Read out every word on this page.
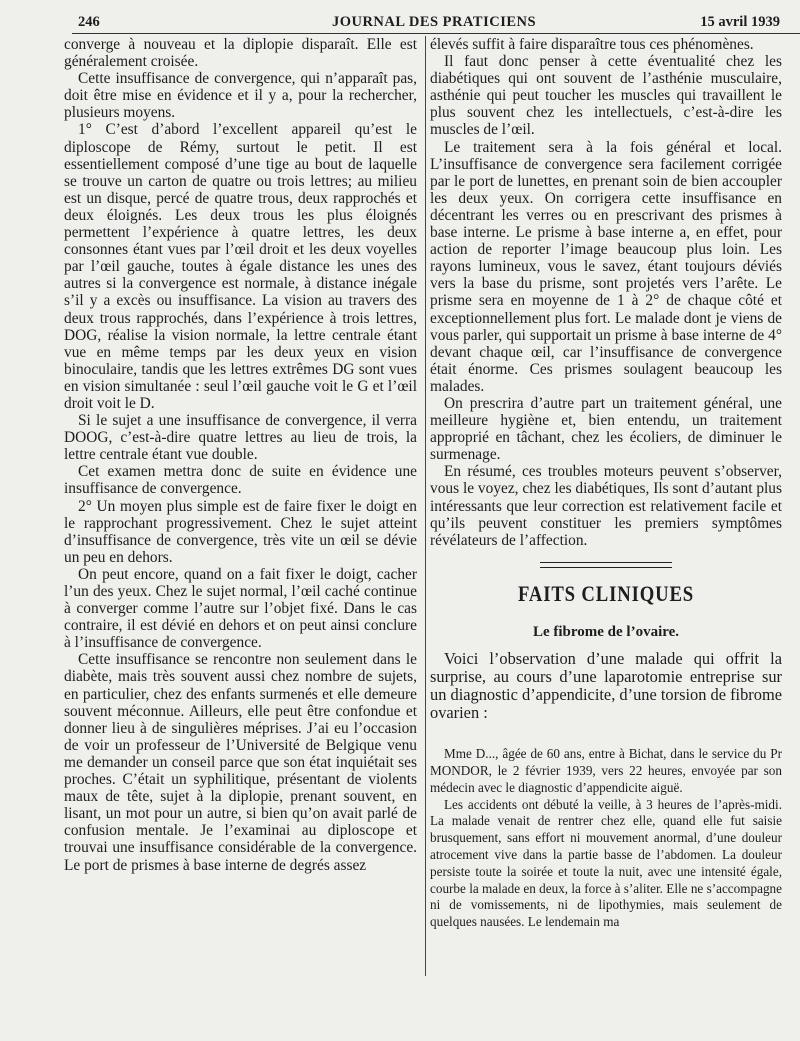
246	JOURNAL DES PRATICIENS	15 avril 1939

converge à nouveau et la diplopie disparaît. Elle est généralement croisée.

Cette insuffisance de convergence, qui n’apparaît pas, doit être mise en évidence et il y a, pour la rechercher, plusieurs moyens.

1° C’est d’abord l’excellent appareil qu’est le diploscope de Rémy, surtout le petit. Il est essentiellement composé d’une tige au bout de laquelle se trouve un carton de quatre ou trois lettres; au milieu est un disque, percé de quatre trous, deux rapprochés et deux éloignés. Les deux trous les plus éloignés permettent l’expérience à quatre lettres, les deux consonnes étant vues par l’œil droit et les deux voyelles par l’œil gauche, toutes à égale distance les unes des autres si la convergence est normale, à distance inégale s’il y a excès ou insuffisance. La vision au travers des deux trous rapprochés, dans l’expérience à trois lettres, DOG, réalise la vision normale, la lettre centrale étant vue en même temps par les deux yeux en vision binoculaire, tandis que les lettres extrêmes DG sont vues en vision simultanée : seul l’œil gauche voit le G et l’œil droit voit le D.

Si le sujet a une insuffisance de convergence, il verra DOOG, c’est-à-dire quatre lettres au lieu de trois, la lettre centrale étant vue double.

Cet examen mettra donc de suite en évidence une insuffisance de convergence.

2° Un moyen plus simple est de faire fixer le doigt en le rapprochant progressivement. Chez le sujet atteint d’insuffisance de convergence, très vite un œil se dévie un peu en dehors.

On peut encore, quand on a fait fixer le doigt, cacher l’un des yeux. Chez le sujet normal, l’œil caché continue à converger comme l’autre sur l’objet fixé. Dans le cas contraire, il est dévié en dehors et on peut ainsi conclure à l’insuffisance de convergence.

Cette insuffisance se rencontre non seulement dans le diabète, mais très souvent aussi chez nombre de sujets, en particulier, chez des enfants surmenés et elle demeure souvent méconnue. Ailleurs, elle peut être confondue et donner lieu à de singulières méprises. J’ai eu l’occasion de voir un professeur de l’Université de Belgique venu me demander un conseil parce que son état inquiétait ses proches. C’était un syphilitique, présentant de violents maux de tête, sujet à la diplopie, prenant souvent, en lisant, un mot pour un autre, si bien qu’on avait parlé de confusion mentale. Je l’examinai au diploscope et trouvai une insuffisance considérable de la convergence. Le port de prismes à base interne de degrés assez

élevés suffit à faire disparaître tous ces phénomènes.

Il faut donc penser à cette éventualité chez les diabétiques qui ont souvent de l’asthénie musculaire, asthénie qui peut toucher les muscles qui travaillent le plus souvent chez les intellectuels, c’est-à-dire les muscles de l’œil.

Le traitement sera à la fois général et local. L’insuffisance de convergence sera facilement corrigée par le port de lunettes, en prenant soin de bien accoupler les deux yeux. On corrigera cette insuffisance en décentrant les verres ou en prescrivant des prismes à base interne. Le prisme à base interne a, en effet, pour action de reporter l’image beaucoup plus loin. Les rayons lumineux, vous le savez, étant toujours déviés vers la base du prisme, sont projetés vers l’arête. Le prisme sera en moyenne de 1 à 2° de chaque côté et exceptionnellement plus fort. Le malade dont je viens de vous parler, qui supportait un prisme à base interne de 4° devant chaque œil, car l’insuffisance de convergence était énorme. Ces prismes soulagent beaucoup les malades.

On prescrira d’autre part un traitement général, une meilleure hygiène et, bien entendu, un traitement approprié en tâchant, chez les écoliers, de diminuer le surmenage.

En résumé, ces troubles moteurs peuvent s’observer, vous le voyez, chez les diabétiques, Ils sont d’autant plus intéressants que leur correction est relativement facile et qu’ils peuvent constituer les premiers symptômes révélateurs de l’affection.

FAITS CLINIQUES
Le fibrome de l’ovaire.

Voici l’observation d’une malade qui offrit la surprise, au cours d’une laparotomie entreprise sur un diagnostic d’appendicite, d’une torsion de fibrome ovarien :

Mme D..., âgée de 60 ans, entre à Bichat, dans le service du Pr MONDOR, le 2 février 1939, vers 22 heures, envoyée par son médecin avec le diagnostic d’appendicite aiguë.

Les accidents ont débuté la veille, à 3 heures de l’après-midi. La malade venait de rentrer chez elle, quand elle fut saisie brusquement, sans effort ni mouvement anormal, d’une douleur atrocement vive dans la partie basse de l’abdomen. La douleur persiste toute la soirée et toute la nuit, avec une intensité égale, courbe la malade en deux, la force à s’aliter. Elle ne s’accompagne ni de vomissements, ni de lipothymies, mais seulement de quelques nausées. Le lendemain ma
